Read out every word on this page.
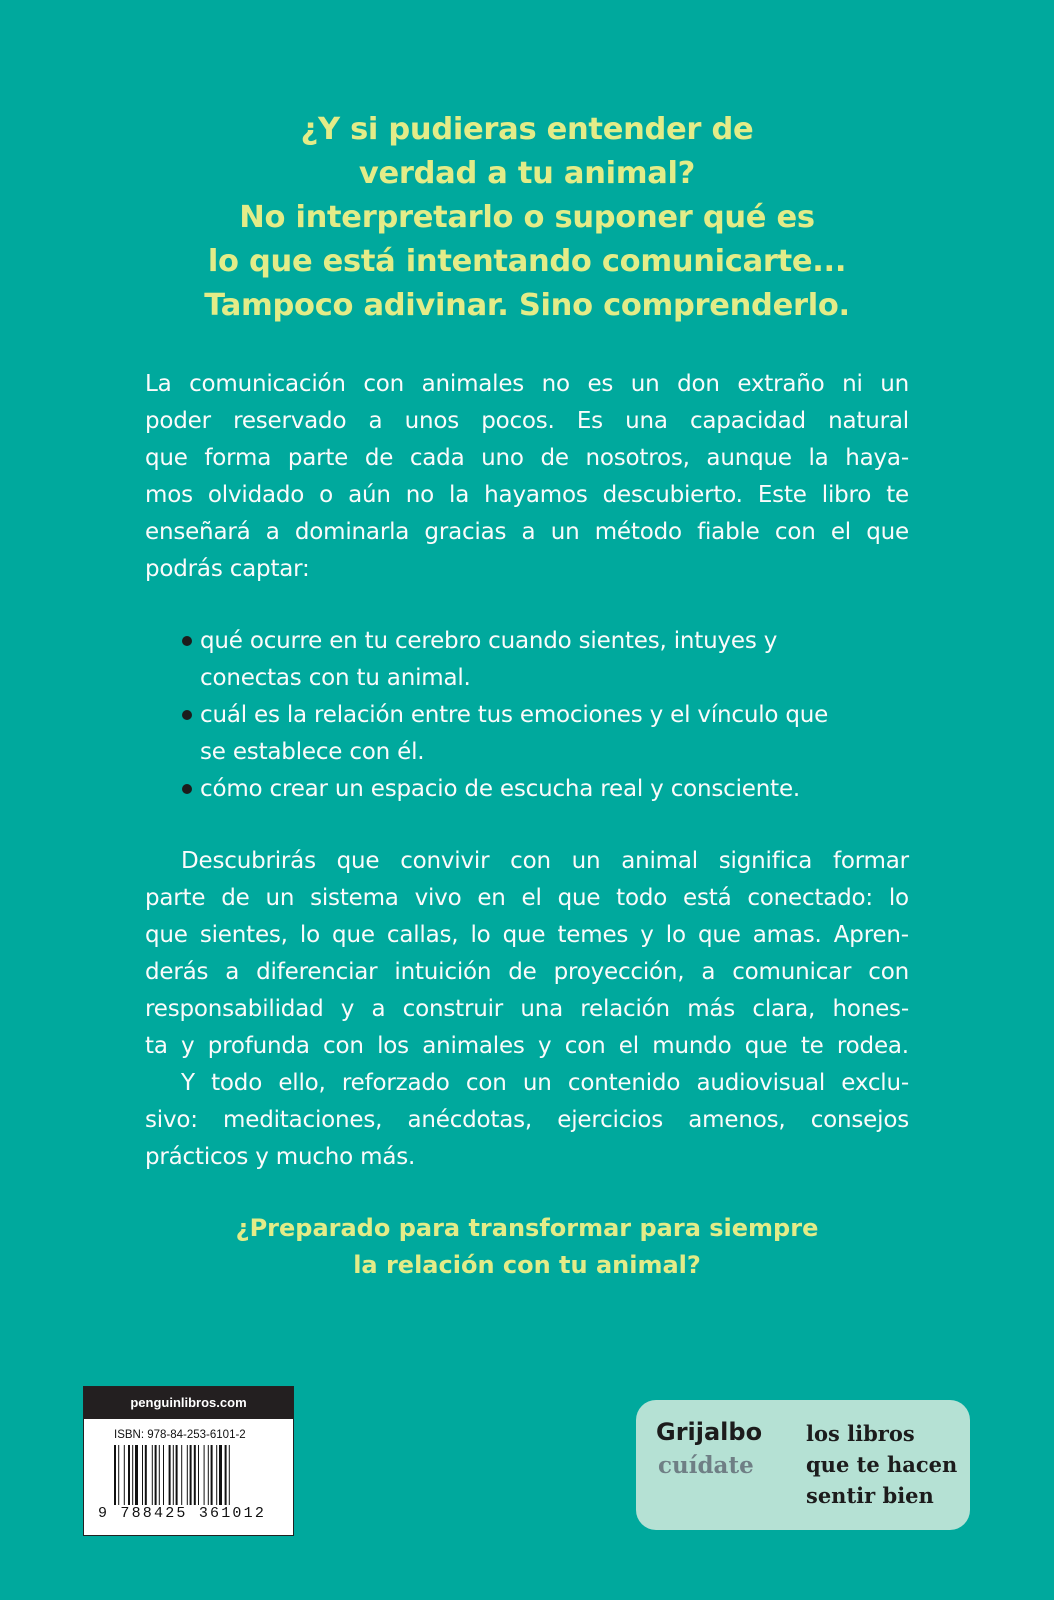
¿Y si pudieras entender de
verdad a tu animal?
No interpretarlo o suponer qué es
lo que está intentando comunicarte...
Tampoco adivinar. Sino comprenderlo.
La comunicación con animales no es un don extraño ni un
poder reservado a unos pocos. Es una capacidad natural
que forma parte de cada uno de nosotros, aunque la haya-
mos olvidado o aún no la hayamos descubierto. Este libro te
enseñará a dominarla gracias a un método fiable con el que
podrás captar:
qué ocurre en tu cerebro cuando sientes, intuyes y
conectas con tu animal.
cuál es la relación entre tus emociones y el vínculo que
se establece con él.
cómo crear un espacio de escucha real y consciente.
Descubrirás que convivir con un animal significa formar
parte de un sistema vivo en el que todo está conectado: lo
que sientes, lo que callas, lo que temes y lo que amas. Apren-
derás a diferenciar intuición de proyección, a comunicar con
responsabilidad y a construir una relación más clara, hones-
ta y profunda con los animales y con el mundo que te rodea.
Y todo ello, reforzado con un contenido audiovisual exclu-
sivo: meditaciones, anécdotas, ejercicios amenos, consejos
prácticos y mucho más.
¿Preparado para transformar para siempre
la relación con tu animal?
penguinlibros.com
ISBN: 978-84-253-6101-2
9 788425 361012
Grijalbo
cuídate
los libros
que te hacen
sentir bien
